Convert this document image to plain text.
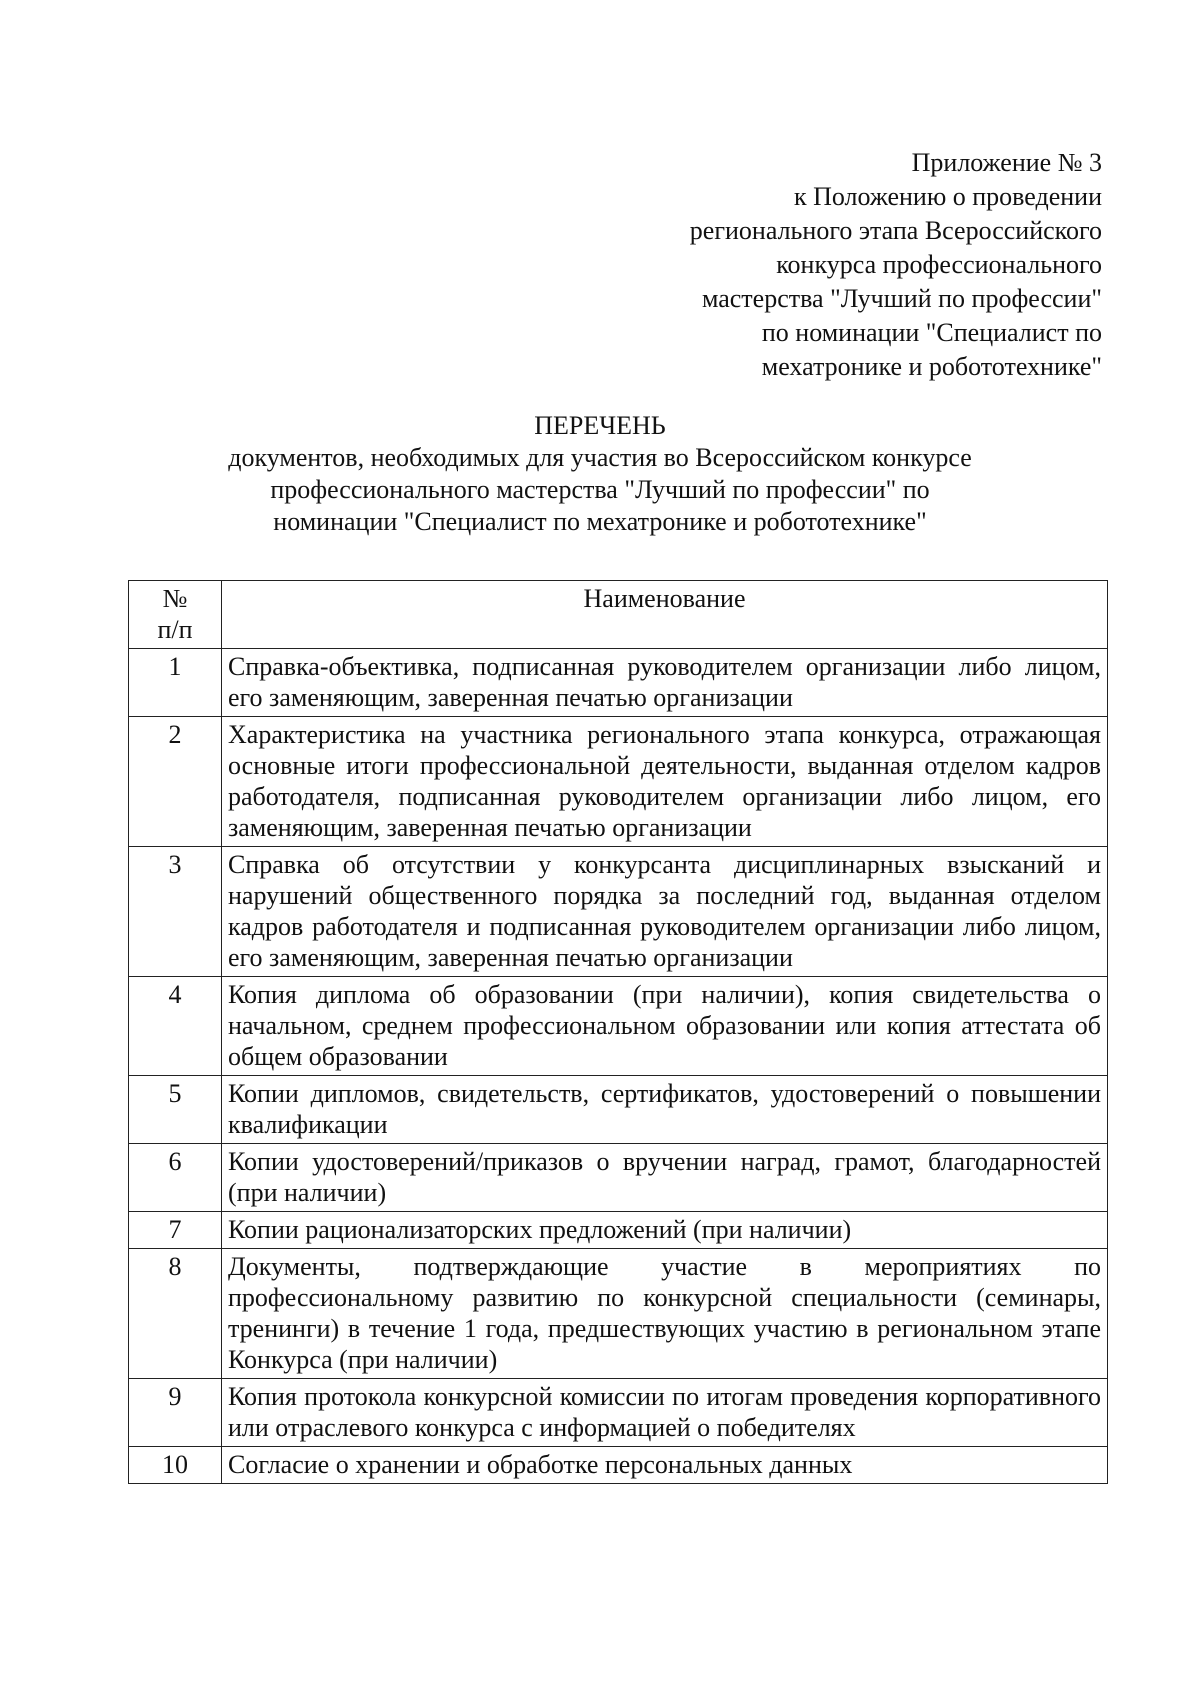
Приложение № 3
к Положению о проведении
регионального этапа Всероссийского
конкурса профессионального
мастерства "Лучший по профессии"
по номинации "Специалист по
мехатронике и робототехнике"
ПЕРЕЧЕНЬ
документов, необходимых для участия во Всероссийском конкурсе
профессионального мастерства "Лучший по профессии" по
номинации "Специалист по мехатронике и робототехнике"
№
п/п	Наименование
1	Справка-объективка, подписанная руководителем организации либо лицом, его заменяющим, заверенная печатью организации
2	Характеристика на участника регионального этапа конкурса, отражающая основные итоги профессиональной деятельности, выданная отделом кадров работодателя, подписанная руководителем организации либо лицом, его заменяющим, заверенная печатью организации
3	Справка об отсутствии у конкурсанта дисциплинарных взысканий и нарушений общественного порядка за последний год, выданная отделом кадров работодателя и подписанная руководителем организации либо лицом, его заменяющим, заверенная печатью организации
4	Копия диплома об образовании (при наличии), копия свидетельства о начальном, среднем профессиональном образовании или копия аттестата об общем образовании
5	Копии дипломов, свидетельств, сертификатов, удостоверений о повышении квалификации
6	Копии удостоверений/приказов о вручении наград, грамот, благодарностей (при наличии)
7	Копии рационализаторских предложений (при наличии)
8	Документы, подтверждающие участие в мероприятиях по профессиональному развитию по конкурсной специальности (семинары, тренинги) в течение 1 года, предшествующих участию в региональном этапе Конкурса (при наличии)
9	Копия протокола конкурсной комиссии по итогам проведения корпоративного или отраслевого конкурса с информацией о победителях
10	Согласие о хранении и обработке персональных данных
